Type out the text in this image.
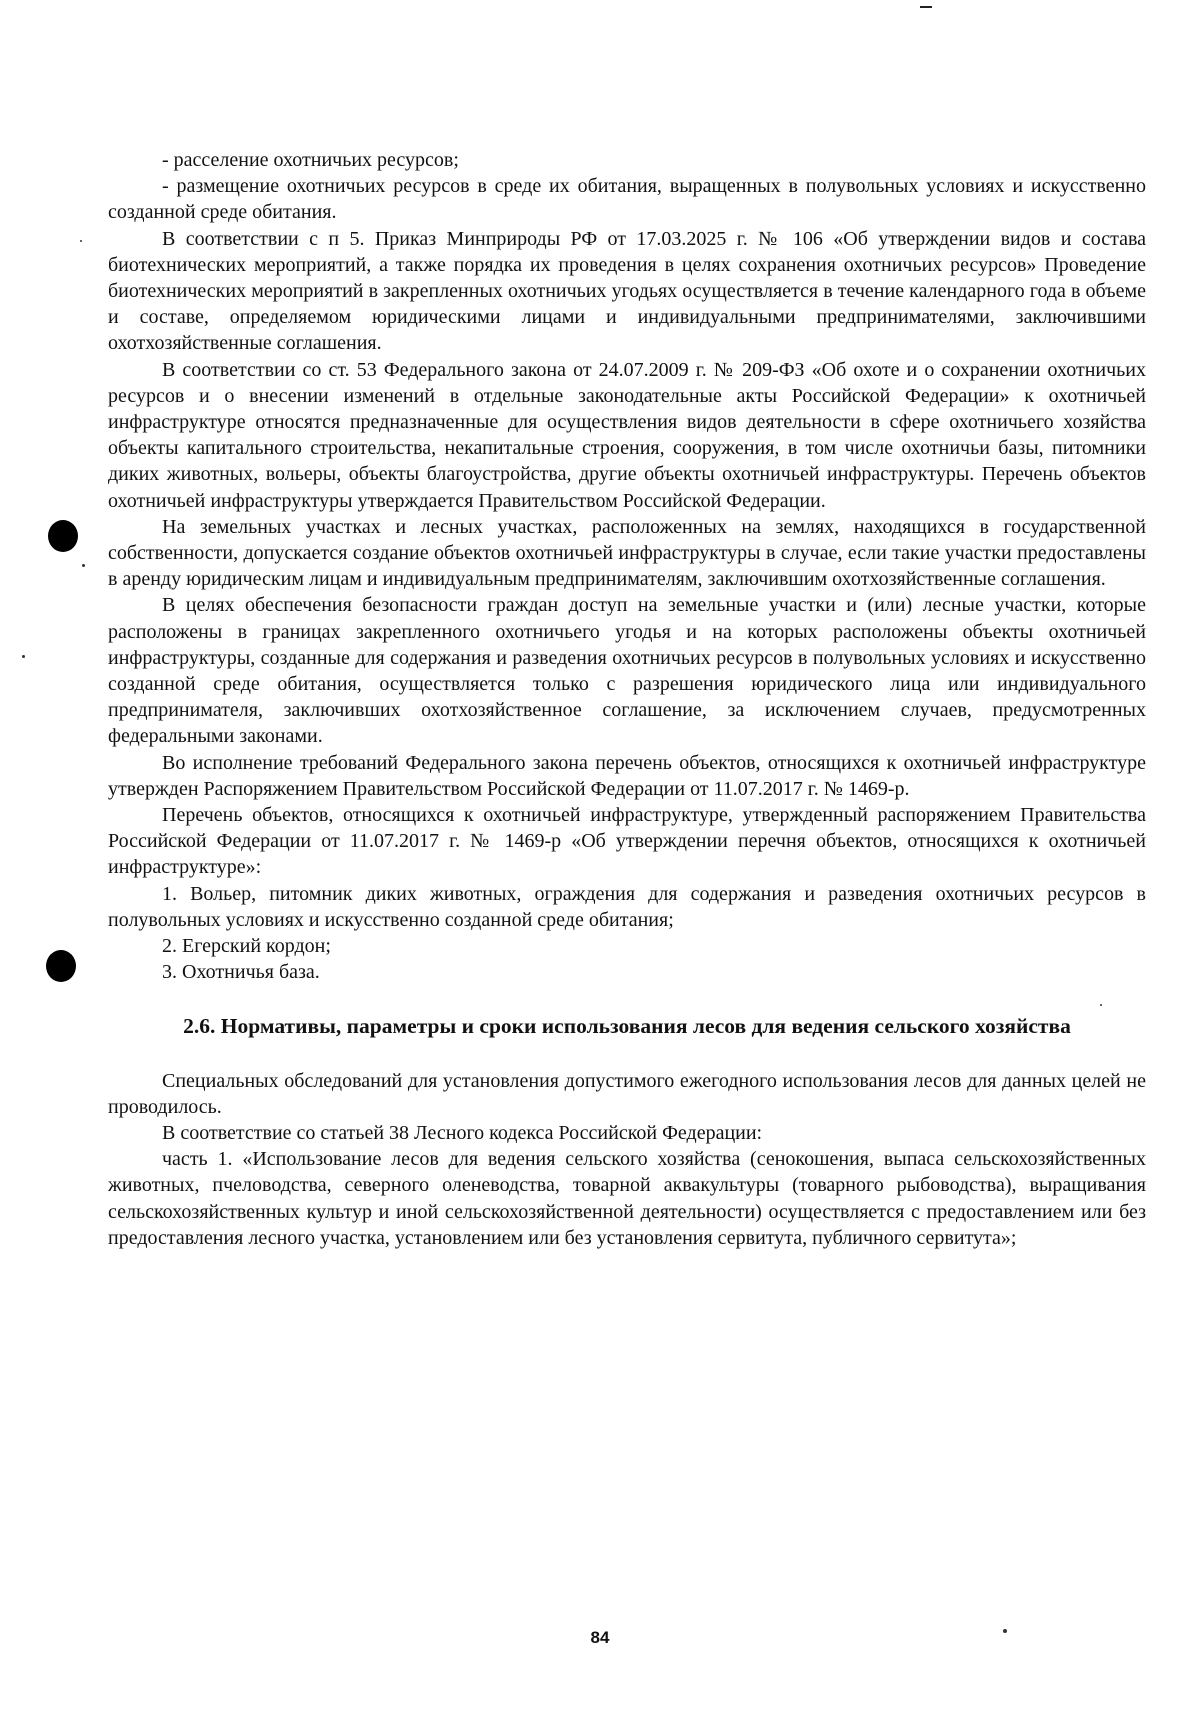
- расселение охотничьих ресурсов;

- размещение охотничьих ресурсов в среде их обитания, выращенных в полувольных условиях и искусственно созданной среде обитания.

В соответствии с п 5. Приказ Минприроды РФ от 17.03.2025 г. № 106 «Об утверждении видов и состава биотехнических мероприятий, а также порядка их проведения в целях сохранения охотничьих ресурсов» Проведение биотехнических мероприятий в закрепленных охотничьих угодьях осуществляется в течение календарного года в объеме и составе, определяемом юридическими лицами и индивидуальными предпринимателями, заключившими охотхозяйственные соглашения.

В соответствии со ст. 53 Федерального закона от 24.07.2009 г. № 209-ФЗ «Об охоте и о сохранении охотничьих ресурсов и о внесении изменений в отдельные законодательные акты Российской Федерации» к охотничьей инфраструктуре относятся предназначенные для осуществления видов деятельности в сфере охотничьего хозяйства объекты капитального строительства, некапитальные строения, сооружения, в том числе охотничьи базы, питомники диких животных, вольеры, объекты благоустройства, другие объекты охотничьей инфраструктуры. Перечень объектов охотничьей инфраструктуры утверждается Правительством Российской Федерации.

На земельных участках и лесных участках, расположенных на землях, находящихся в государственной собственности, допускается создание объектов охотничьей инфраструктуры в случае, если такие участки предоставлены в аренду юридическим лицам и индивидуальным предпринимателям, заключившим охотхозяйственные соглашения.

В целях обеспечения безопасности граждан доступ на земельные участки и (или) лесные участки, которые расположены в границах закрепленного охотничьего угодья и на которых расположены объекты охотничьей инфраструктуры, созданные для содержания и разведения охотничьих ресурсов в полувольных условиях и искусственно созданной среде обитания, осуществляется только с разрешения юридического лица или индивидуального предпринимателя, заключивших охотхозяйственное соглашение, за исключением случаев, предусмотренных федеральными законами.

Во исполнение требований Федерального закона перечень объектов, относящихся к охотничьей инфраструктуре утвержден Распоряжением Правительством Российской Федерации от 11.07.2017 г. № 1469-р.

Перечень объектов, относящихся к охотничьей инфраструктуре, утвержденный распоряжением Правительства Российской Федерации от 11.07.2017 г. № 1469-р «Об утверждении перечня объектов, относящихся к охотничьей инфраструктуре»:

1. Вольер, питомник диких животных, ограждения для содержания и разведения охотничьих ресурсов в полувольных условиях и искусственно созданной среде обитания;

2. Егерский кордон;

3. Охотничья база.

2.6. Нормативы, параметры и сроки использования лесов для ведения сельского хозяйства

Специальных обследований для установления допустимого ежегодного использования лесов для данных целей не проводилось.

В соответствие со статьей 38 Лесного кодекса Российской Федерации:

часть 1. «Использование лесов для ведения сельского хозяйства (сенокошения, выпаса сельскохозяйственных животных, пчеловодства, северного оленеводства, товарной аквакультуры (товарного рыбоводства), выращивания сельскохозяйственных культур и иной сельскохозяйственной деятельности) осуществляется с предоставлением или без предоставления лесного участка, установлением или без установления сервитута, публичного сервитута»;

84
